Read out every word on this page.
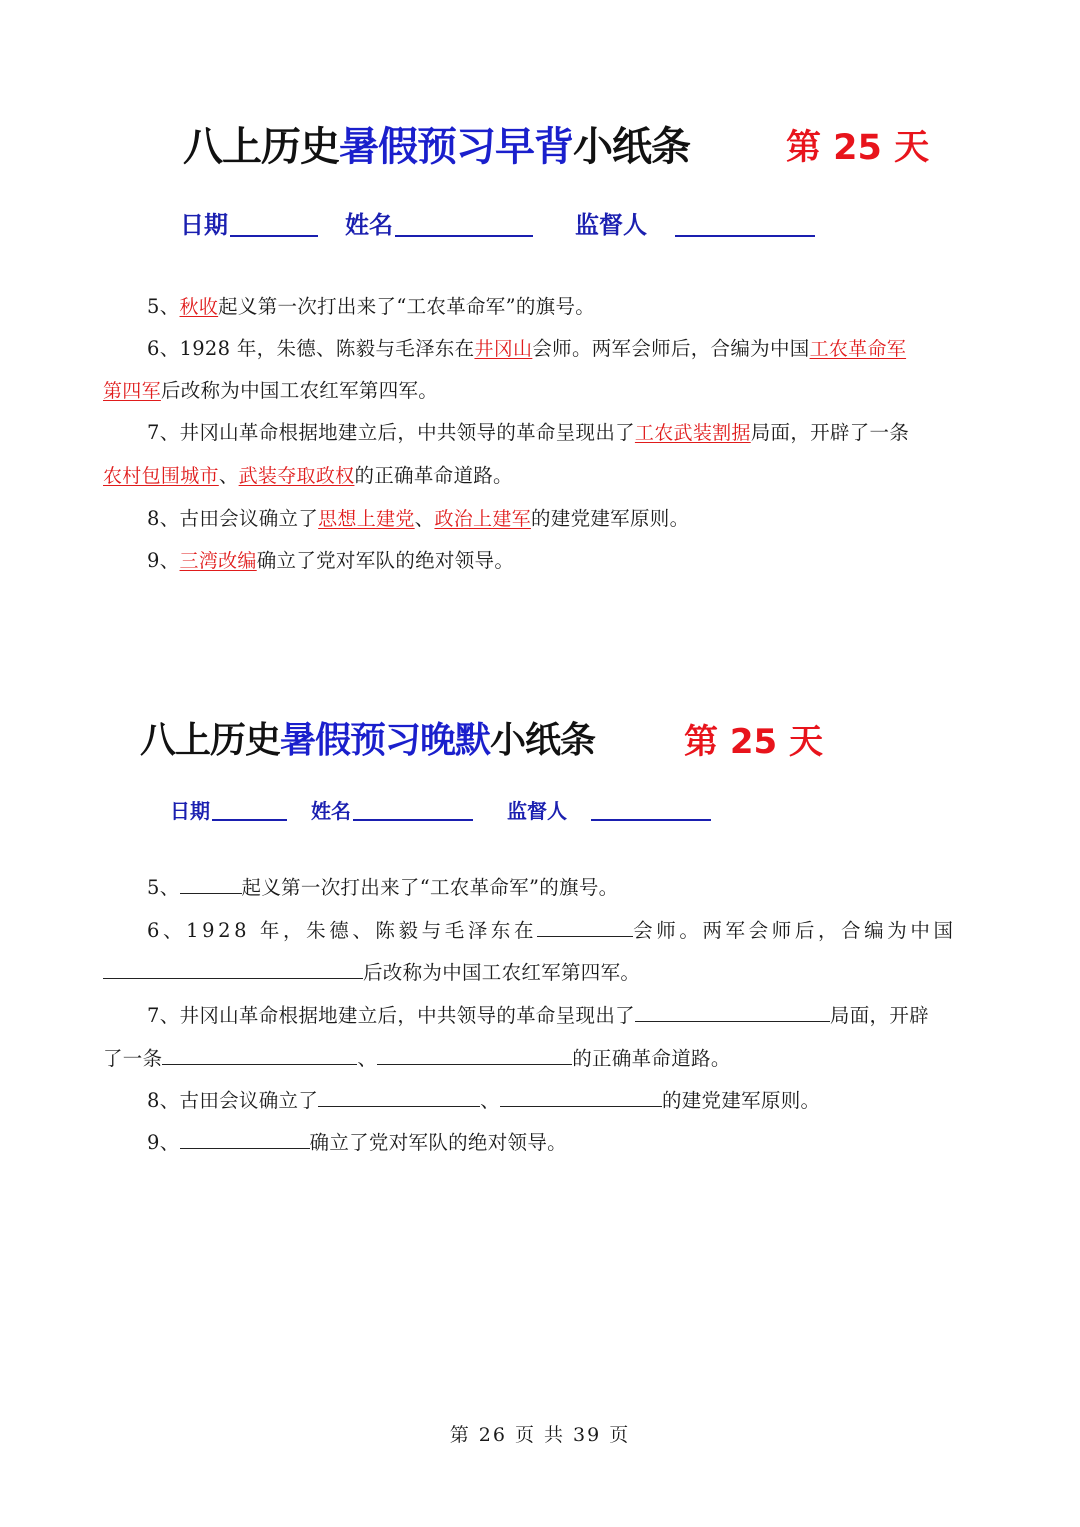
八上历史暑假预习早背小纸条	第 25 天
日期	姓名	监督人
5、秋收起义第一次打出来了“工农革命军”的旗号。
6、1928 年，朱德、陈毅与毛泽东在井冈山会师。两军会师后，合编为中国工农革命军
第四军后改称为中国工农红军第四军。
7、井冈山革命根据地建立后，中共领导的革命呈现出了工农武装割据局面，开辟了一条
农村包围城市、武装夺取政权的正确革命道路。
8、古田会议确立了思想上建党、政治上建军的建党建军原则。
9、三湾改编确立了党对军队的绝对领导。
八上历史暑假预习晚默小纸条	第 25 天
日期	姓名	监督人
5、	起义第一次打出来了“工农革命军”的旗号。
6、1928 年，朱德、陈毅与毛泽东在	会师。两军会师后，合编为中国
后改称为中国工农红军第四军。
7、井冈山革命根据地建立后，中共领导的革命呈现出了	局面，开辟
了一条	、	的正确革命道路。
8、古田会议确立了	、	的建党建军原则。
9、	确立了党对军队的绝对领导。
第 26 页 共 39 页
